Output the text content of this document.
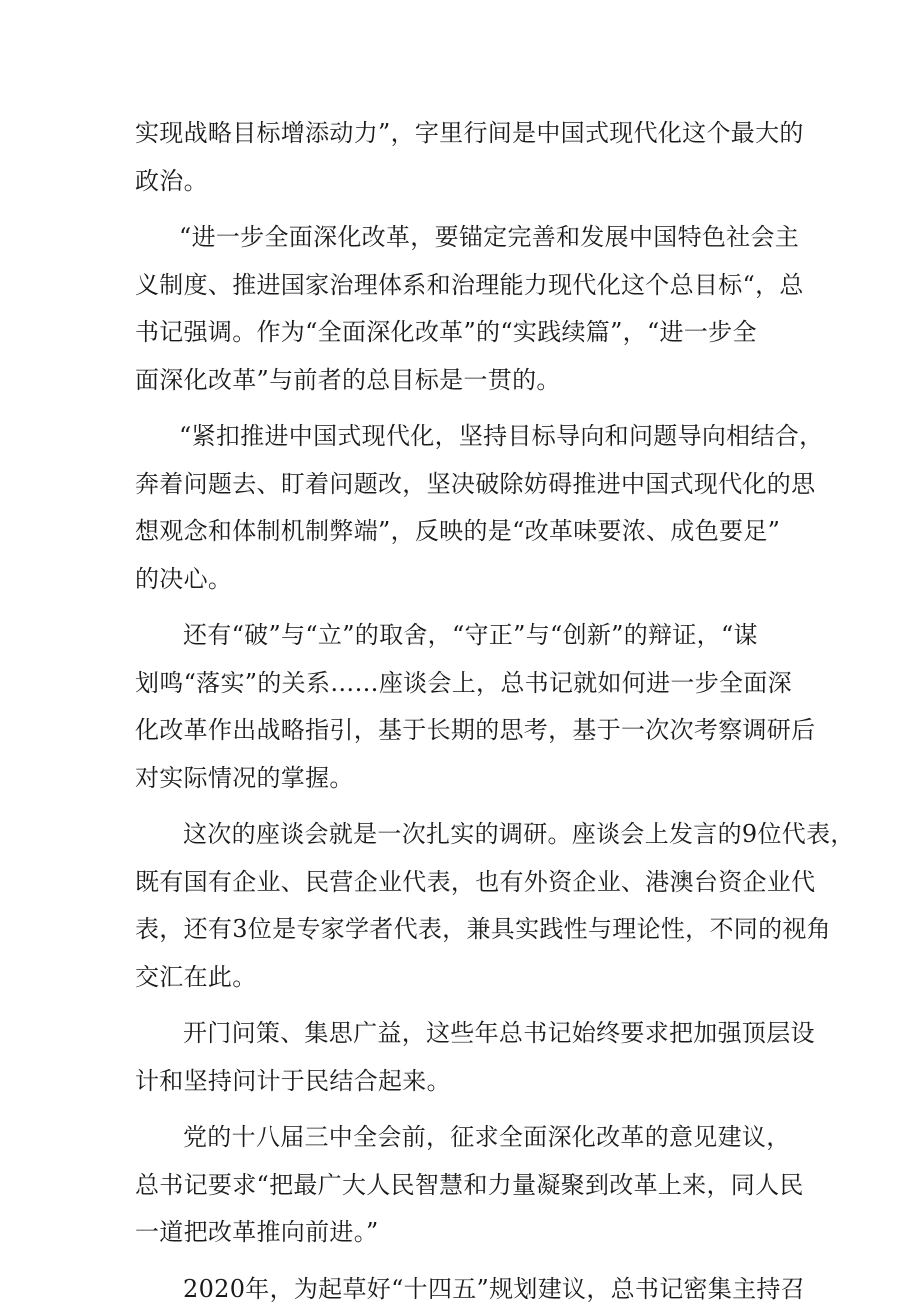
实现战略目标增添动力”，字里行间是中国式现代化这个最大的
政治。
“进一步全面深化改革，要锚定完善和发展中国特色社会主
义制度、推进国家治理体系和治理能力现代化这个总目标“，总
书记强调。作为“全面深化改革”的“实践续篇”，“进一步全
面深化改革”与前者的总目标是一贯的。
“紧扣推进中国式现代化，坚持目标导向和问题导向相结合，
奔着问题去、盯着问题改，坚决破除妨碍推进中国式现代化的思
想观念和体制机制弊端”，反映的是“改革味要浓、成色要足”
的决心。
还有“破”与“立”的取舍，“守正”与“创新”的辩证，“谋
划鸣“落实”的关系……座谈会上，总书记就如何进一步全面深
化改革作出战略指引，基于长期的思考，基于一次次考察调研后
对实际情况的掌握。
这次的座谈会就是一次扎实的调研。座谈会上发言的9位代表，
既有国有企业、民营企业代表，也有外资企业、港澳台资企业代
表，还有3位是专家学者代表，兼具实践性与理论性，不同的视角
交汇在此。
开门问策、集思广益，这些年总书记始终要求把加强顶层设
计和坚持问计于民结合起来。
党的十八届三中全会前，征求全面深化改革的意见建议，
总书记要求“把最广大人民智慧和力量凝聚到改革上来，同人民
一道把改革推向前进。”
2020年，为起草好“十四五”规划建议，总书记密集主持召
